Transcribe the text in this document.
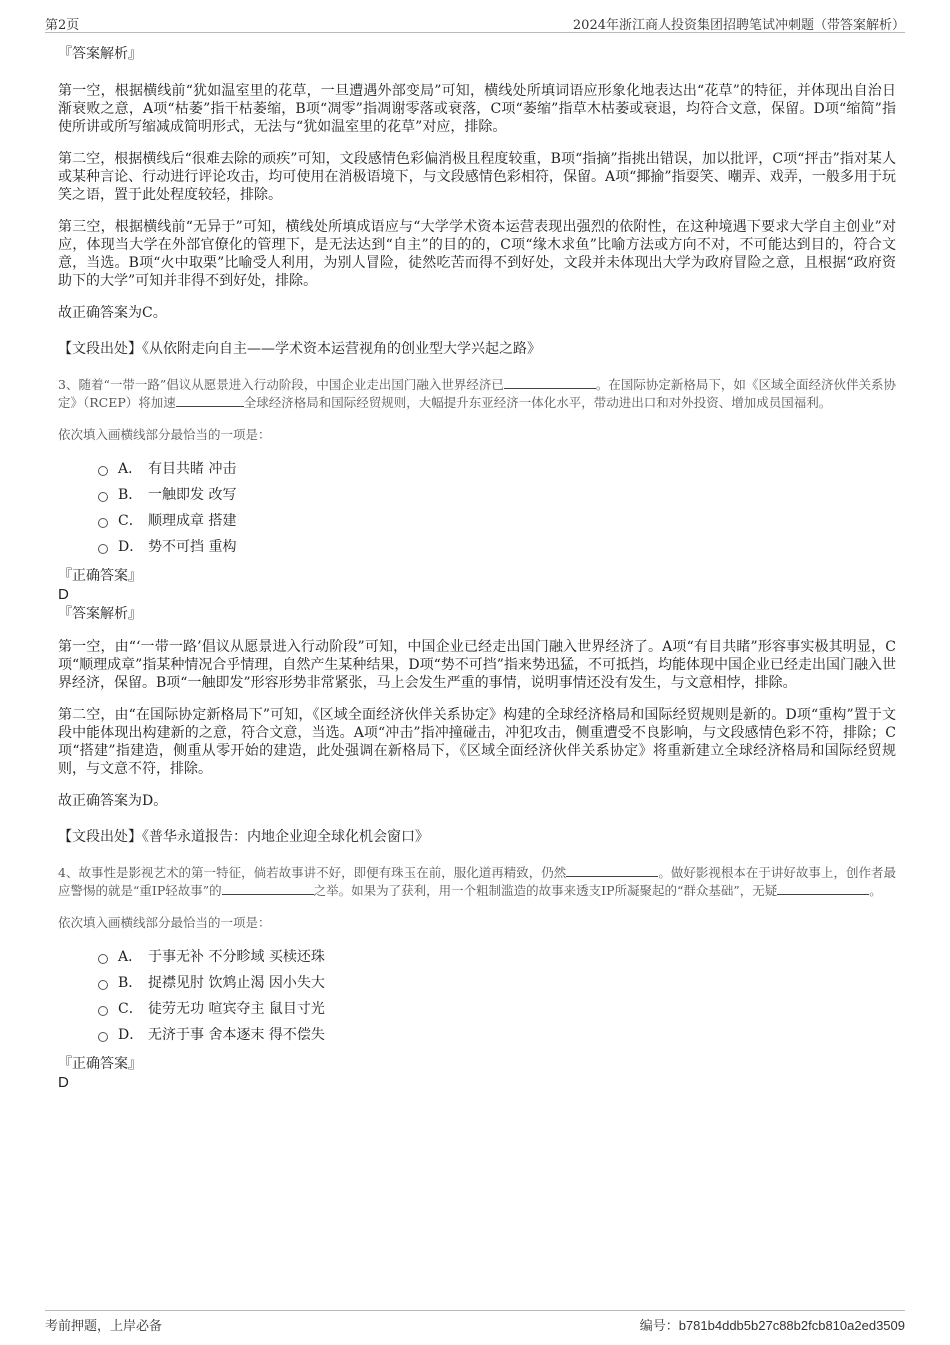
第2页	2024年浙江商人投资集团招聘笔试冲刺题（带答案解析）

『答案解析』

第一空，根据横线前“犹如温室里的花草，一旦遭遇外部变局”可知，横线处所填词语应形象化地表达出“花草”的特征，并体现出自治日渐衰败之意，A项“枯萎”指干枯萎缩，B项“凋零”指凋谢零落或衰落，C项“萎缩”指草木枯萎或衰退，均符合文意，保留。D项“缩简”指使所讲或所写缩减成简明形式，无法与“犹如温室里的花草”对应，排除。

第二空，根据横线后“很难去除的顽疾”可知，文段感情色彩偏消极且程度较重，B项“指摘”指挑出错误，加以批评，C项“抨击”指对某人或某种言论、行动进行评论攻击，均可使用在消极语境下，与文段感情色彩相符，保留。A项“揶揄”指耍笑、嘲弄、戏弄，一般多用于玩笑之语，置于此处程度较轻，排除。

第三空，根据横线前“无异于”可知，横线处所填成语应与“大学学术资本运营表现出强烈的依附性，在这种境遇下要求大学自主创业”对应，体现当大学在外部官僚化的管理下，是无法达到“自主”的目的的，C项“缘木求鱼”比喻方法或方向不对，不可能达到目的，符合文意，当选。B项“火中取栗”比喻受人利用，为别人冒险，徒然吃苦而得不到好处，文段并未体现出大学为政府冒险之意，且根据“政府资助下的大学”可知并非得不到好处，排除。

故正确答案为C。

【文段出处】《从依附走向自主——学术资本运营视角的创业型大学兴起之路》

3、随着“一带一路”倡议从愿景进入行动阶段，中国企业走出国门融入世界经济已	。在国际协定新格局下，如《区域全面经济伙伴关系协定》（RCEP）将加速	全球经济格局和国际经贸规则，大幅提升东亚经济一体化水平，带动进出口和对外投资、增加成员国福利。

依次填入画横线部分最恰当的一项是：

A． 有目共睹 冲击
B． 一触即发 改写
C． 顺理成章 搭建
D． 势不可挡 重构

『正确答案』

D

『答案解析』

第一空，由“‘一带一路’倡议从愿景进入行动阶段”可知，中国企业已经走出国门融入世界经济了。A项“有目共睹”形容事实极其明显，C项“顺理成章”指某种情况合乎情理，自然产生某种结果，D项“势不可挡”指来势迅猛，不可抵挡，均能体现中国企业已经走出国门融入世界经济，保留。B项“一触即发”形容形势非常紧张，马上会发生严重的事情，说明事情还没有发生，与文意相悖，排除。

第二空，由“在国际协定新格局下”可知，《区域全面经济伙伴关系协定》构建的全球经济格局和国际经贸规则是新的。D项“重构”置于文段中能体现出构建新的之意，符合文意，当选。A项“冲击”指冲撞碰击，冲犯攻击，侧重遭受不良影响，与文段感情色彩不符，排除；C项“搭建”指建造，侧重从零开始的建造，此处强调在新格局下，《区域全面经济伙伴关系协定》将重新建立全球经济格局和国际经贸规则，与文意不符，排除。

故正确答案为D。

【文段出处】《普华永道报告：内地企业迎全球化机会窗口》

4、故事性是影视艺术的第一特征，倘若故事讲不好，即便有珠玉在前，服化道再精致，仍然	。做好影视根本在于讲好故事上，创作者最应警惕的就是“重IP轻故事”的	之举。如果为了获利，用一个粗制滥造的故事来透支IP所凝聚起的“群众基础”，无疑	。

依次填入画横线部分最恰当的一项是：

A． 于事无补 不分畛域 买椟还珠
B． 捉襟见肘 饮鸩止渴 因小失大
C． 徒劳无功 喧宾夺主 鼠目寸光
D． 无济于事 舍本逐末 得不偿失

『正确答案』

D

考前押题，上岸必备	编号：b781b4ddb5b27c88b2fcb810a2ed3509
